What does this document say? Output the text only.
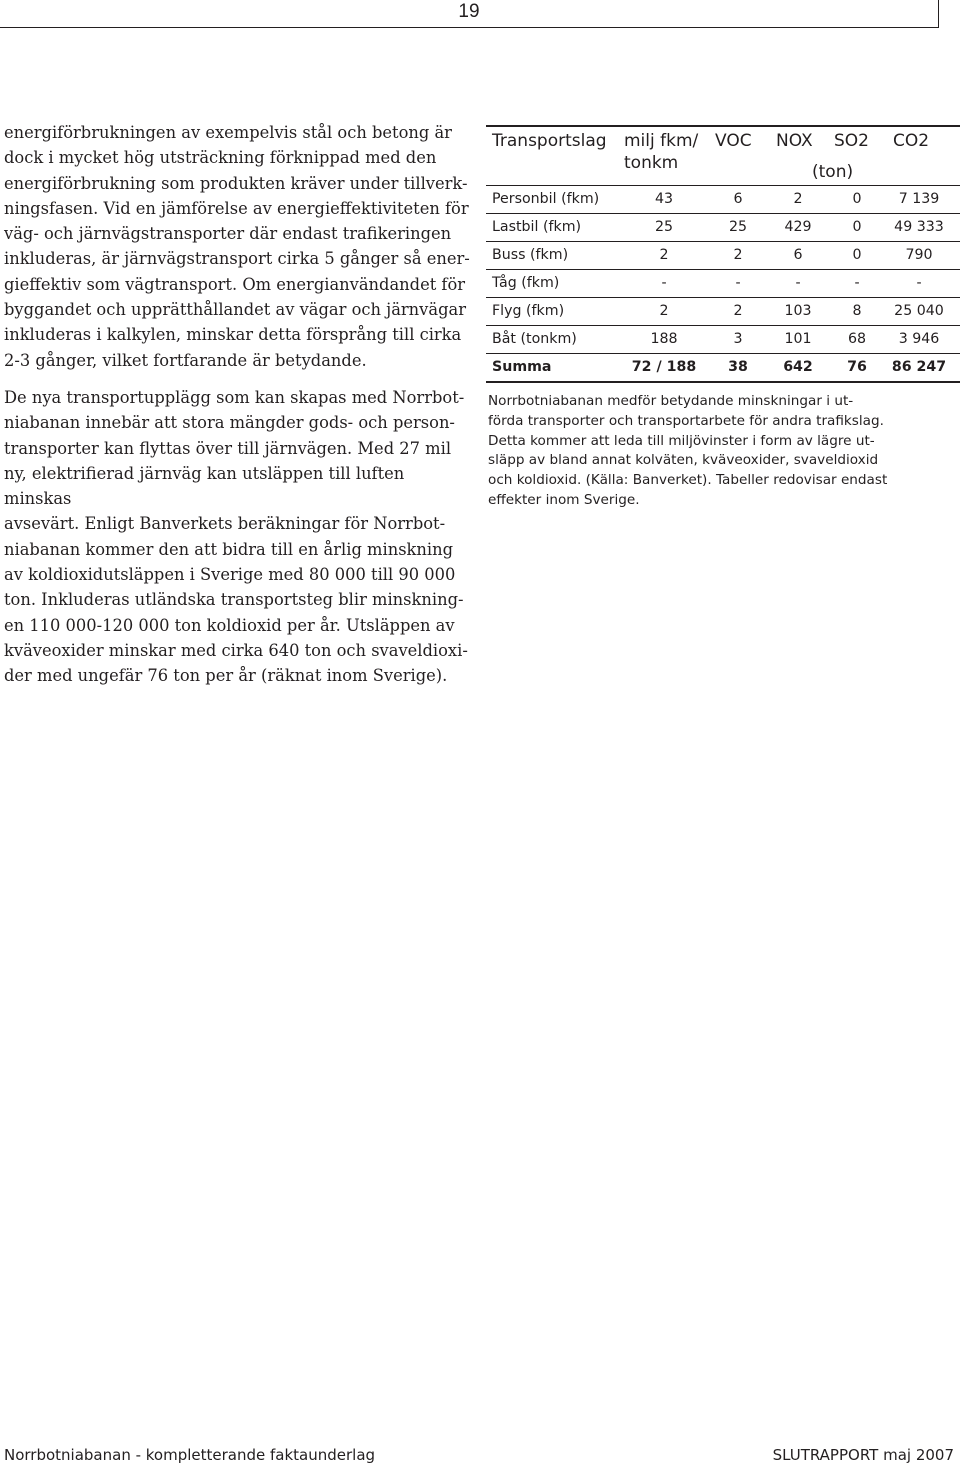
19

energiförbrukningen av exempelvis stål och betong är
dock i mycket hög utsträckning förknippad med den
energiförbrukning som produkten kräver under tillverk-
ningsfasen. Vid en jämförelse av energieffektiviteten för
väg- och järnvägstransporter där endast trafikeringen
inkluderas, är järnvägstransport cirka 5 gånger så ener-
gieffektiv som vägtransport. Om energianvändandet för
byggandet och upprätthållandet av vägar och järnvägar
inkluderas i kalkylen, minskar detta försprång till cirka
2-3 gånger, vilket fortfarande är betydande.

De nya transportupplägg som kan skapas med Norrbot-
niabanan innebär att stora mängder gods- och person-
transporter kan flyttas över till järnvägen. Med 27 mil
ny, elektrifierad järnväg kan utsläppen till luften minskas
avsevärt. Enligt Banverkets beräkningar för Norrbot-
niabanan kommer den att bidra till en årlig minskning
av koldioxidutsläppen i Sverige med 80 000 till 90 000
ton. Inkluderas utländska transportsteg blir minskning-
en 110 000-120 000 ton koldioxid per år. Utsläppen av
kväveoxider minskar med cirka 640 ton och svaveldioxi-
der med ungefär 76 ton per år (räknat inom Sverige).

Transportslag milj fkm/
tonkm
VOC NOX SO2 CO2
(ton)
Personbil (fkm)	43	6	2	0	7 139
Lastbil (fkm)	25	25	429	0	49 333
Buss (fkm)	2	2	6	0	790
Tåg (fkm)	-	-	-	-	-
Flyg (fkm)	2	2	103	8	25 040
Båt (tonkm)	188	3	101	68	3 946
Summa	72 / 188	38	642	76	86 247
Norrbotniabanan medför betydande minskningar i ut-
förda transporter och transportarbete för andra trafikslag.
Detta kommer att leda till miljövinster i form av lägre ut-
släpp av bland annat kolväten, kväveoxider, svaveldioxid
och koldioxid. (Källa: Banverket). Tabeller redovisar endast
effekter inom Sverige.
Norrbotniabanan - kompletterande faktaunderlag	SLUTRAPPORT maj 2007
